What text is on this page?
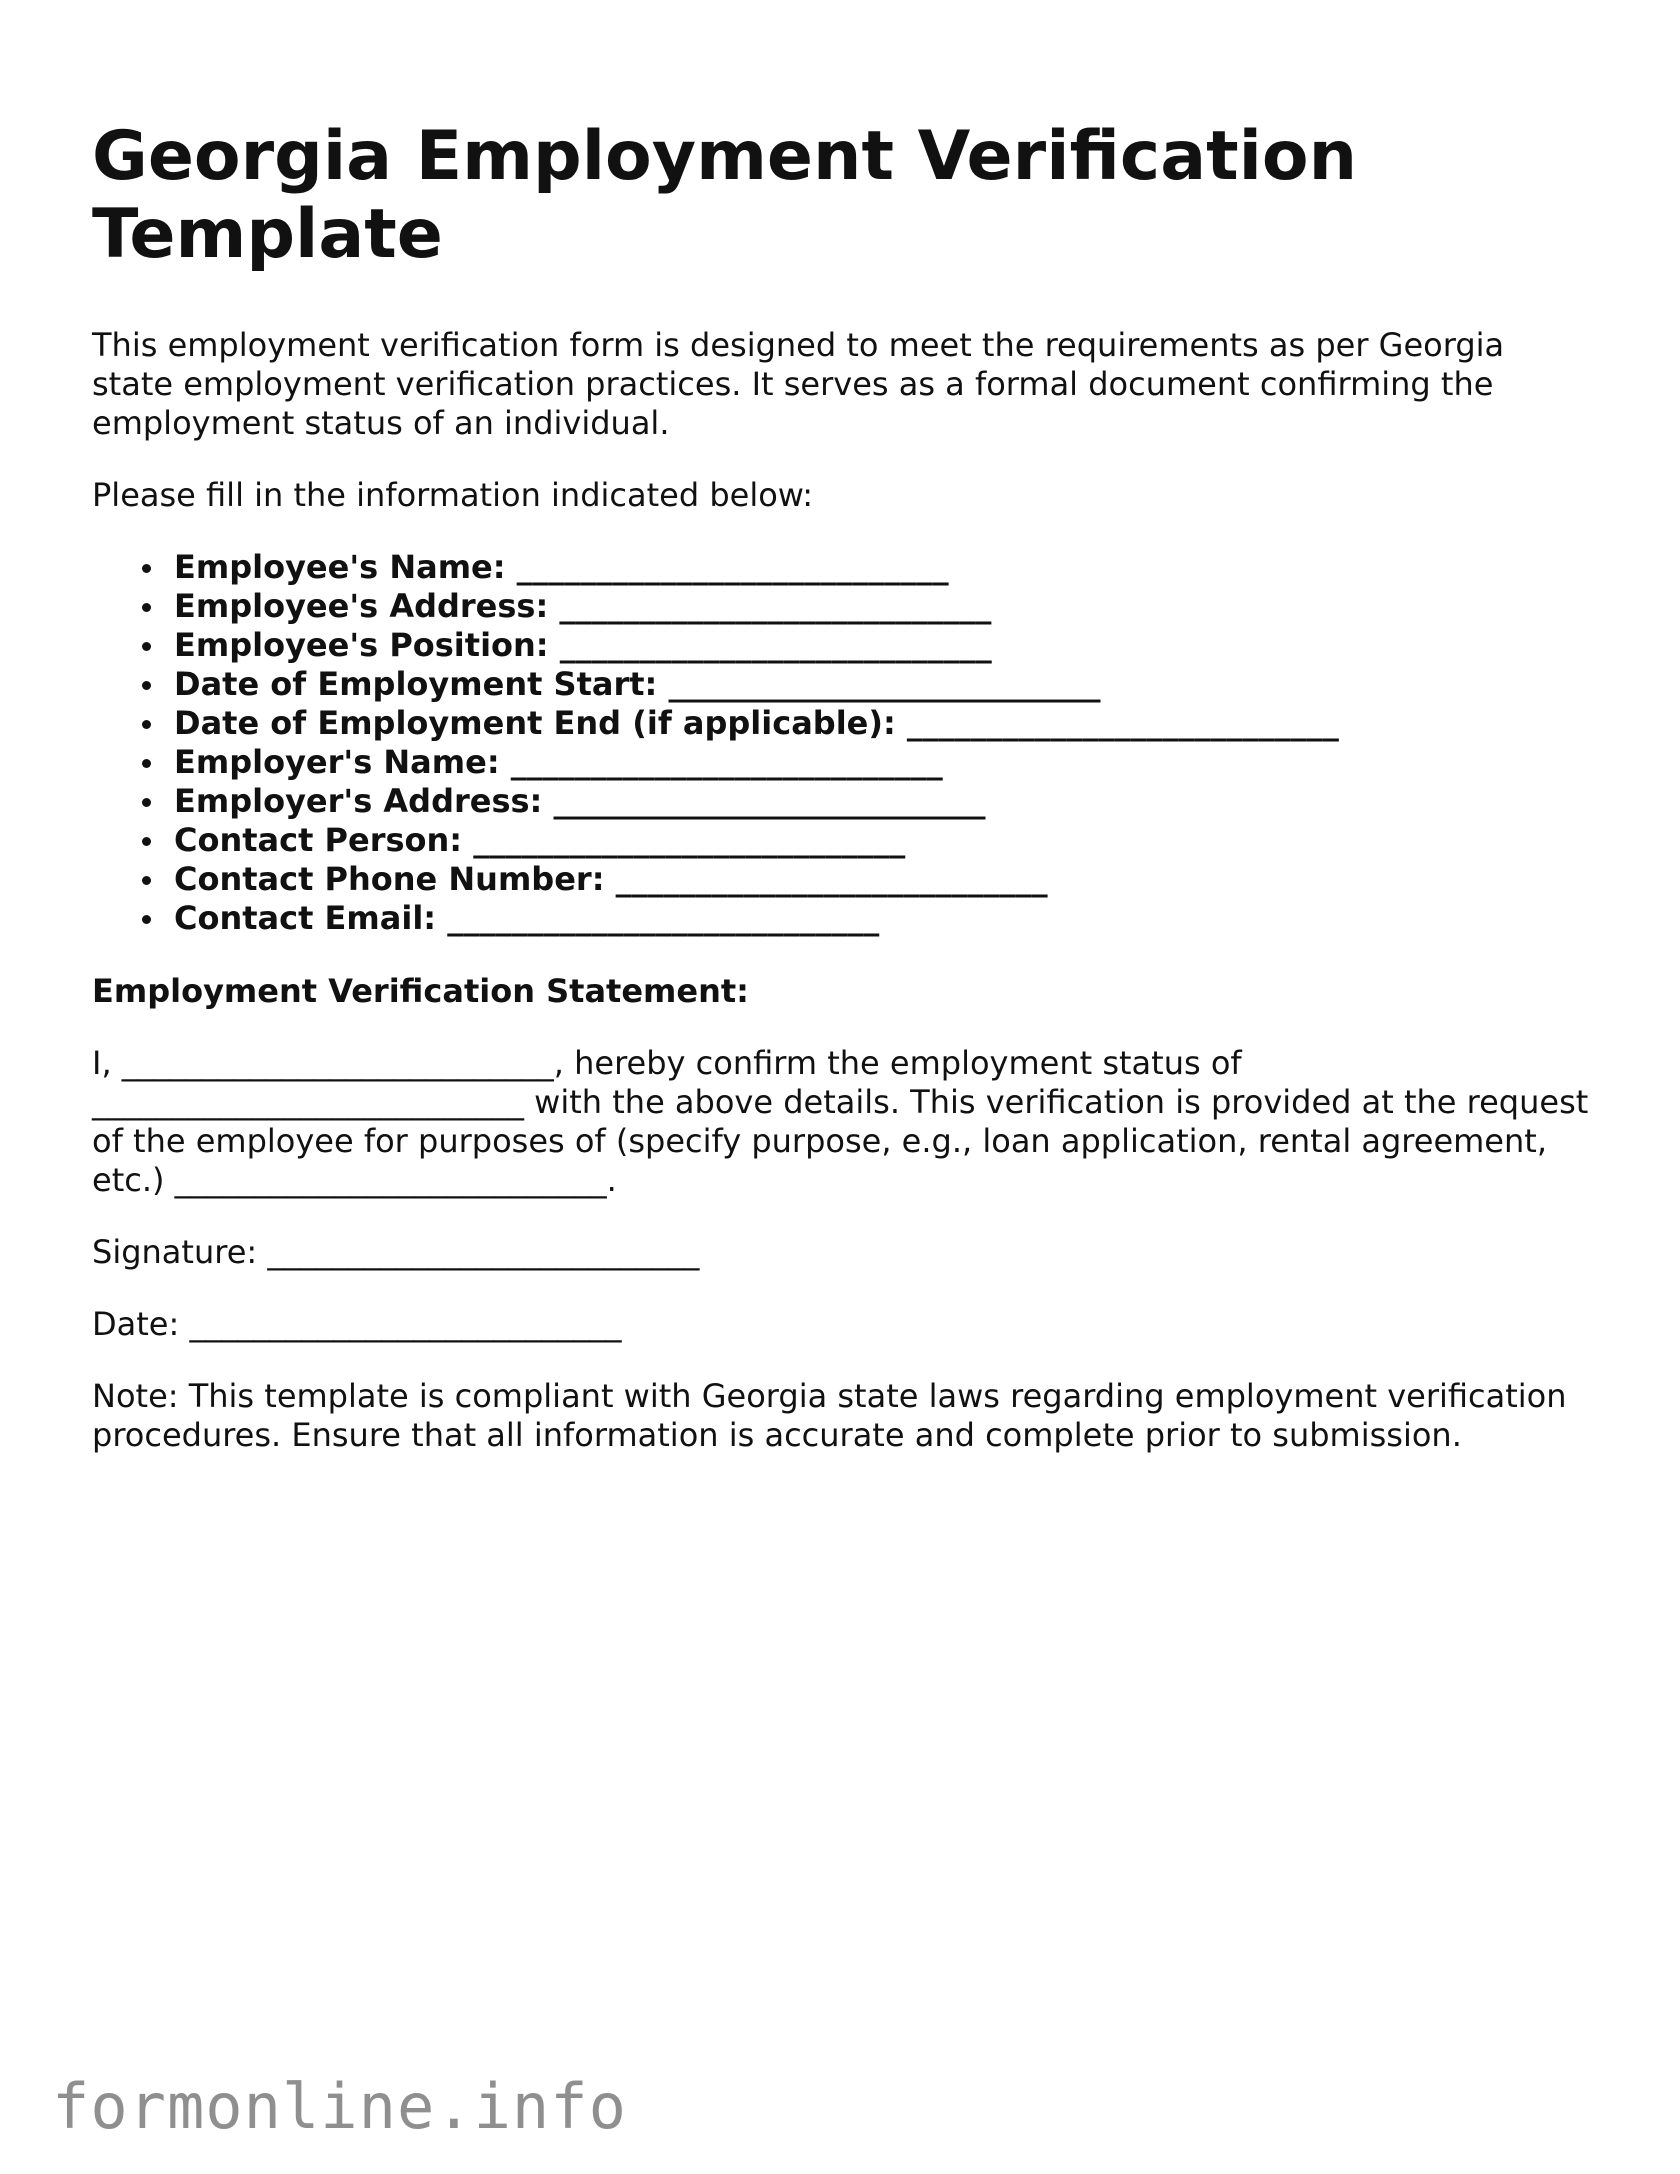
Georgia Employment Verification Template

This employment verification form is designed to meet the requirements as per Georgia state employment verification practices. It serves as a formal document confirming the employment status of an individual.

Please fill in the information indicated below:

Employee's Name: ___________________________
Employee's Address: ___________________________
Employee's Position: ___________________________
Date of Employment Start: ___________________________
Date of Employment End (if applicable): ___________________________
Employer's Name: ___________________________
Employer's Address: ___________________________
Contact Person: ___________________________
Contact Phone Number: ___________________________
Contact Email: ___________________________

Employment Verification Statement:

I, ___________________________, hereby confirm the employment status of ___________________________ with the above details. This verification is provided at the request of the employee for purposes of (specify purpose, e.g., loan application, rental agreement, etc.) ___________________________.

Signature: ___________________________

Date: ___________________________

Note: This template is compliant with Georgia state laws regarding employment verification procedures. Ensure that all information is accurate and complete prior to submission.

formonline.info
